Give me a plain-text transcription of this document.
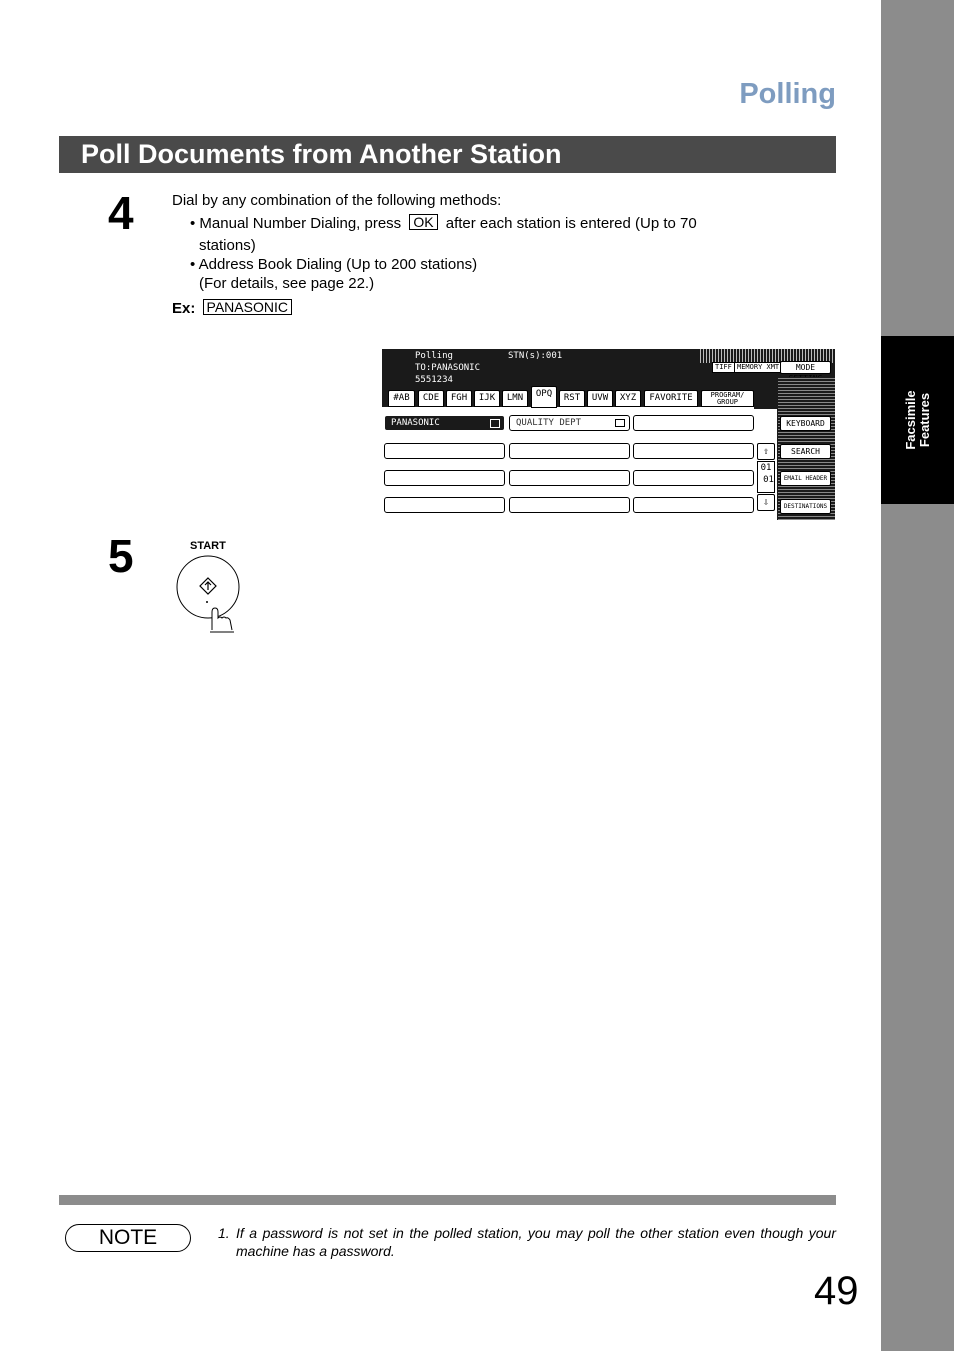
Facsimile Features
Polling
Poll Documents from Another Station
4	Dial by any combination of the following methods:
• Manual Number Dialing, press OK after each station is entered (Up to 70
stations)
• Address Book Dialing (Up to 200 stations)
(For details, see page 22.)
Ex: PANASONIC
Polling
TO:PANASONIC
5551234
STN(s):001
TIFF MEMORY XMT	MODE
#AB	CDE	FGH	IJK	LMN	OPQ	RST	UVW	XYZ	FAVORITE	PROGRAM/
GROUP
PANASONIC	QUALITY DEPT
⇧
01
01
⇩
KEYBOARD
SEARCH
EMAIL HEADER
DESTINATIONS
5	START
NOTE	1. If a password is not set in the polled station, you may poll the other station even though your machine has a password.
49
